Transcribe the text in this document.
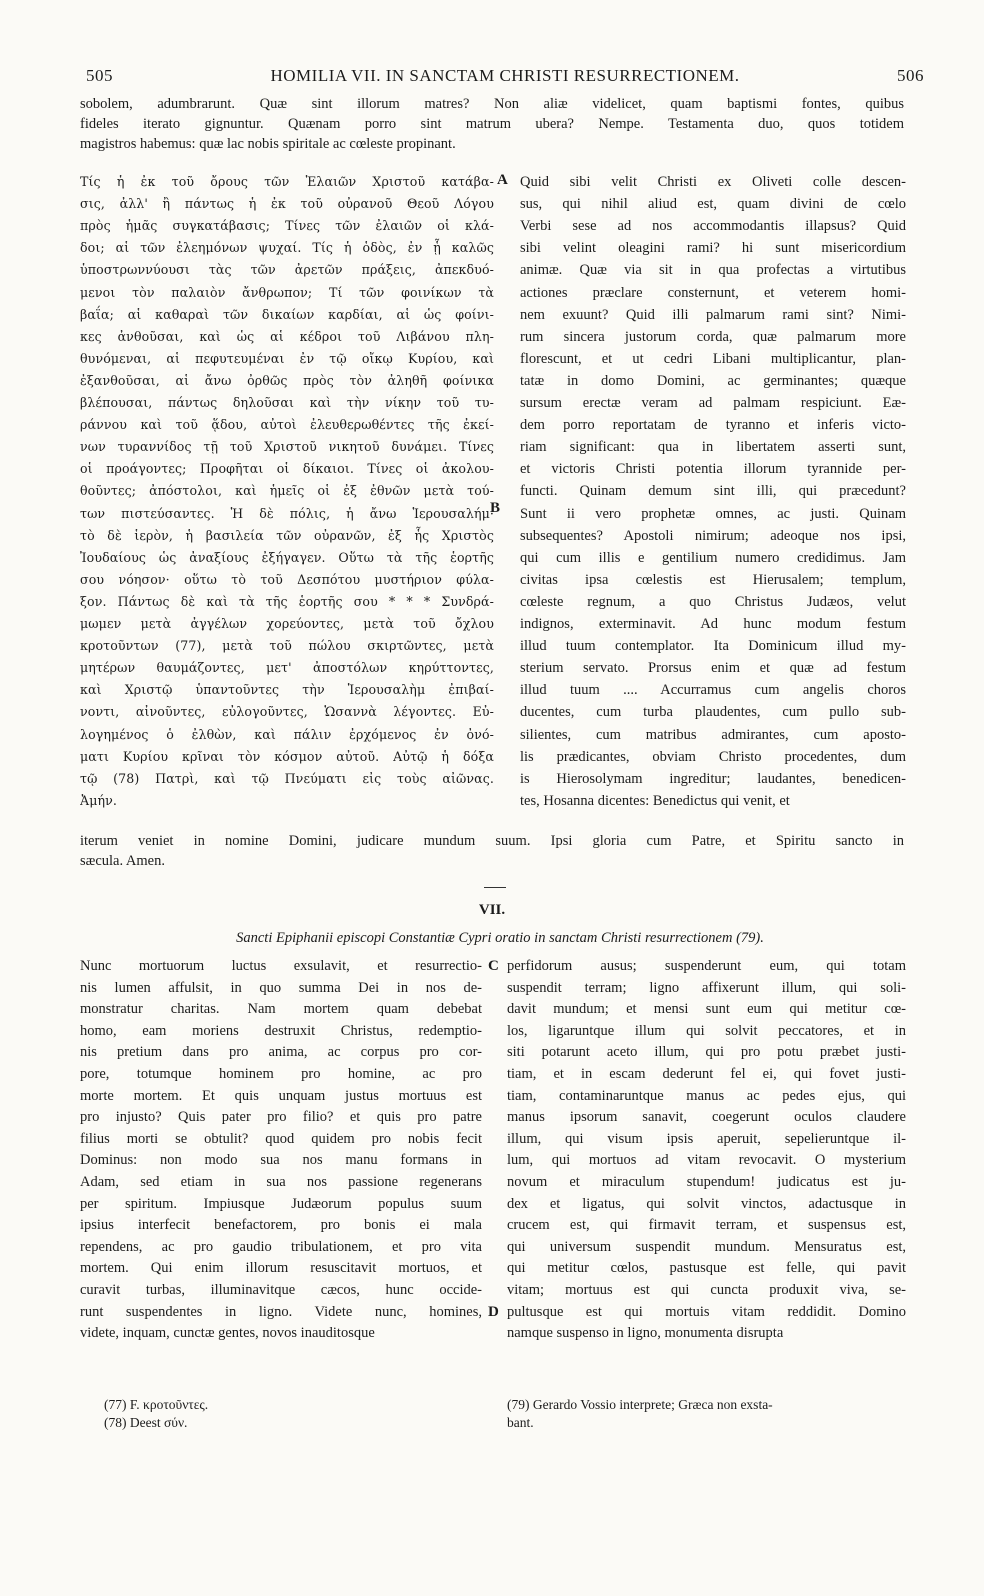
505	HOMILIA VII. IN SANCTAM CHRISTI RESURRECTIONEM.	506
sobolem, adumbrarunt. Quæ sint illorum matres? Non aliæ videlicet, quam baptismi fontes, quibus
fideles iterato gignuntur. Quænam porro sint matrum ubera? Nempe. Testamenta duo, quos totidem
magistros habemus: quæ lac nobis spiritale ac cœleste propinant.
Τίς ἡ ἐκ τοῦ ὄρους τῶν Ἐλαιῶν Χριστοῦ κατάβα-
σις, ἀλλ' ἢ πάντως ἡ ἐκ τοῦ οὐρανοῦ Θεοῦ Λόγου
πρὸς ἡμᾶς συγκατάβασις; Τίνες τῶν ἐλαιῶν οἱ κλά-
δοι; αἱ τῶν ἐλεημόνων ψυχαί. Τίς ἡ ὁδὸς, ἐν ᾗ καλῶς
ὑποστρωννύουσι τὰς τῶν ἀρετῶν πράξεις, ἀπεκδυό-
μενοι τὸν παλαιὸν ἄνθρωπον; Τί τῶν φοινίκων τὰ
βαΐα; αἱ καθαραὶ τῶν δικαίων καρδίαι, αἱ ὡς φοίνι-
κες ἀνθοῦσαι, καὶ ὡς αἱ κέδροι τοῦ Λιβάνου πλη-
θυνόμεναι, αἱ πεφυτευμέναι ἐν τῷ οἴκῳ Κυρίου, καὶ
ἐξανθοῦσαι, αἱ ἄνω ὀρθῶς πρὸς τὸν ἀληθῆ φοίνικα
βλέπουσαι, πάντως δηλοῦσαι καὶ τὴν νίκην τοῦ τυ-
ράννου καὶ τοῦ ᾅδου, αὐτοὶ ἐλευθερωθέντες τῆς ἐκεί-
νων τυραννίδος τῇ τοῦ Χριστοῦ νικητοῦ δυνάμει. Τίνες
οἱ προάγοντες; Προφῆται οἱ δίκαιοι. Τίνες οἱ ἀκολου-
θοῦντες; ἀπόστολοι, καὶ ἡμεῖς οἱ ἐξ ἐθνῶν μετὰ τού-
των πιστεύσαντες. Ἡ δὲ πόλις, ἡ ἄνω Ἱερουσαλήμ·
τὸ δὲ ἱερὸν, ἡ βασιλεία τῶν οὐρανῶν, ἐξ ἧς Χριστὸς
Ἰουδαίους ὡς ἀναξίους ἐξήγαγεν. Οὕτω τὰ τῆς ἑορτῆς
σου νόησον· οὕτω τὸ τοῦ Δεσπότου μυστήριον φύλα-
ξον. Πάντως δὲ καὶ τὰ τῆς ἑορτῆς σου * * * Συνδρά-
μωμεν μετὰ ἀγγέλων χορεύοντες, μετὰ τοῦ ὄχλου
κροτοῦντων (77), μετὰ τοῦ πώλου σκιρτῶντες, μετὰ
μητέρων θαυμάζοντες, μετ' ἀποστόλων κηρύττοντες,
καὶ Χριστῷ ὑπαντοῦντες τὴν Ἱερουσαλὴμ ἐπιβαί-
νοντι, αἰνοῦντες, εὐλογοῦντες, Ὡσαννὰ λέγοντες. Εὐ-
λογημένος ὁ ἐλθὼν, καὶ πάλιν ἐρχόμενος ἐν ὀνό-
ματι Κυρίου κρῖναι τὸν κόσμον αὐτοῦ. Αὐτῷ ἡ δόξα
τῷ (78) Πατρὶ, καὶ τῷ Πνεύματι εἰς τοὺς αἰῶνας.
Ἀμήν.
Quid sibi velit Christi ex Oliveti colle descen-
sus, qui nihil aliud est, quam divini de cœlo
Verbi sese ad nos accommodantis illapsus? Quid
sibi velint oleagini rami? hi sunt misericordium
animæ. Quæ via sit in qua profectas a virtutibus
actiones præclare consternunt, et veterem homi-
nem exuunt? Quid illi palmarum rami sint? Nimi-
rum sincera justorum corda, quæ palmarum more
florescunt, et ut cedri Libani multiplicantur, plan-
tatæ in domo Domini, ac germinantes; quæque
sursum erectæ veram ad palmam respiciunt. Eæ-
dem porro reportatam de tyranno et inferis victo-
riam significant: qua in libertatem asserti sunt,
et victoris Christi potentia illorum tyrannide per-
functi. Quinam demum sint illi, qui præcedunt?
Sunt ii vero prophetæ omnes, ac justi. Quinam
subsequentes? Apostoli nimirum; adeoque nos ipsi,
qui cum illis e gentilium numero credidimus. Jam
civitas ipsa cœlestis est Hierusalem; templum,
cœleste regnum, a quo Christus Judæos, velut
indignos, exterminavit. Ad hunc modum festum
illud tuum contemplator. Ita Dominicum illud my-
sterium servato. Prorsus enim et quæ ad festum
illud tuum .... Accurramus cum angelis choros
ducentes, cum turba plaudentes, cum pullo sub-
silientes, cum matribus admirantes, cum aposto-
lis prædicantes, obviam Christo procedentes, dum
is Hierosolymam ingreditur; laudantes, benedicen-
tes, Hosanna dicentes: Benedictus qui venit, et
iterum veniet in nomine Domini, judicare mundum suum. Ipsi gloria cum Patre, et Spiritu sancto in
sæcula. Amen.
A
B
C
D
VII.
Sancti Epiphanii episcopi Constantiæ Cypri oratio in sanctam Christi resurrectionem (79).
Nunc mortuorum luctus exsulavit, et resurrectio-
nis lumen affulsit, in quo summa Dei in nos de-
monstratur charitas. Nam mortem quam debebat
homo, eam moriens destruxit Christus, redemptio-
nis pretium dans pro anima, ac corpus pro cor-
pore, totumque hominem pro homine, ac pro
morte mortem. Et quis unquam justus mortuus est
pro injusto? Quis pater pro filio? et quis pro patre
filius morti se obtulit? quod quidem pro nobis fecit
Dominus: non modo sua nos manu formans in
Adam, sed etiam in sua nos passione regenerans
per spiritum. Impiusque Judæorum populus suum
ipsius interfecit benefactorem, pro bonis ei mala
rependens, ac pro gaudio tribulationem, et pro vita
mortem. Qui enim illorum resuscitavit mortuos, et
curavit turbas, illuminavitque cæcos, hunc occide-
runt suspendentes in ligno. Videte nunc, homines,
videte, inquam, cunctæ gentes, novos inauditosque
perfidorum ausus; suspenderunt eum, qui totam
suspendit terram; ligno affixerunt illum, qui soli-
davit mundum; et mensi sunt eum qui metitur cœ-
los, ligaruntque illum qui solvit peccatores, et in
siti potarunt aceto illum, qui pro potu præbet justi-
tiam, et in escam dederunt fel ei, qui fovet justi-
tiam, contaminaruntque manus ac pedes ejus, qui
manus ipsorum sanavit, coegerunt oculos claudere
illum, qui visum ipsis aperuit, sepelieruntque il-
lum, qui mortuos ad vitam revocavit. O mysterium
novum et miraculum stupendum! judicatus est ju-
dex et ligatus, qui solvit vinctos, adactusque in
crucem est, qui firmavit terram, et suspensus est,
qui universum suspendit mundum. Mensuratus est,
qui metitur cœlos, pastusque est felle, qui pavit
vitam; mortuus est qui cuncta produxit viva, se-
pultusque est qui mortuis vitam reddidit. Domino
namque suspenso in ligno, monumenta disrupta
(77) F. κροτοῦντες.
(78) Deest σύν.
(79) Gerardo Vossio interprete; Græca non exsta-
bant.
